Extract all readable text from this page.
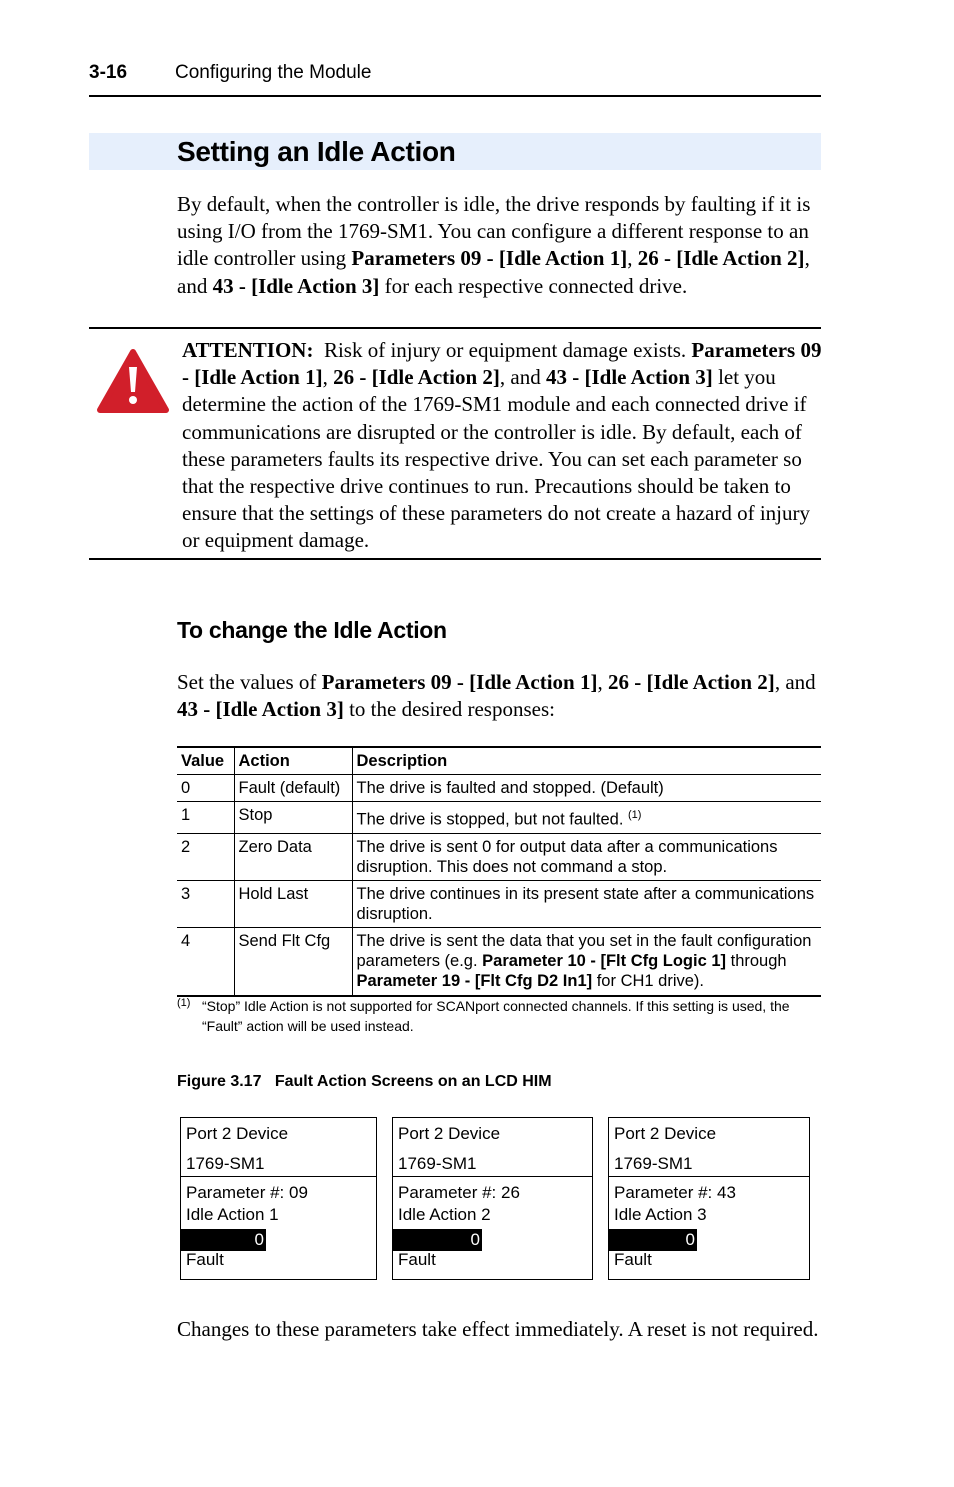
3-16	Configuring the Module
Setting an Idle Action
By default, when the controller is idle, the drive responds by faulting if it is using I/O from the 1769-SM1. You can configure a different response to an idle controller using Parameters 09 - [Idle Action 1], 26 - [Idle Action 2], and 43 - [Idle Action 3] for each respective connected drive.
ATTENTION:  Risk of injury or equipment damage exists. Parameters 09 - [Idle Action 1], 26 - [Idle Action 2], and 43 - [Idle Action 3] let you determine the action of the 1769-SM1 module and each connected drive if communications are disrupted or the controller is idle. By default, each of these parameters faults its respective drive. You can set each parameter so that the respective drive continues to run. Precautions should be taken to ensure that the settings of these parameters do not create a hazard of injury or equipment damage.
To change the Idle Action
Set the values of Parameters 09 - [Idle Action 1], 26 - [Idle Action 2], and 43 - [Idle Action 3] to the desired responses:
Value	Action	Description
0	Fault (default)	The drive is faulted and stopped. (Default)
1	Stop	The drive is stopped, but not faulted. $^{(1)}$
2	Zero Data	The drive is sent 0 for output data after a communications disruption. This does not command a stop.
3	Hold Last	The drive continues in its present state after a communications disruption.
4	Send Flt Cfg	The drive is sent the data that you set in the fault configuration parameters (e.g. Parameter 10 - [Flt Cfg Logic 1] through Parameter 19 - [Flt Cfg D2 In1] for CH1 drive).
(1) “Stop” Idle Action is not supported for SCANport connected channels. If this setting is used, the “Fault” action will be used instead.
Figure 3.17   Fault Action Screens on an LCD HIM
Port 2 Device
1769-SM1
Parameter #: 09
Idle Action 1
0
Fault
Port 2 Device
1769-SM1
Parameter #: 26
Idle Action 2
0
Fault
Port 2 Device
1769-SM1
Parameter #: 43
Idle Action 3
0
Fault
Changes to these parameters take effect immediately. A reset is not required.
